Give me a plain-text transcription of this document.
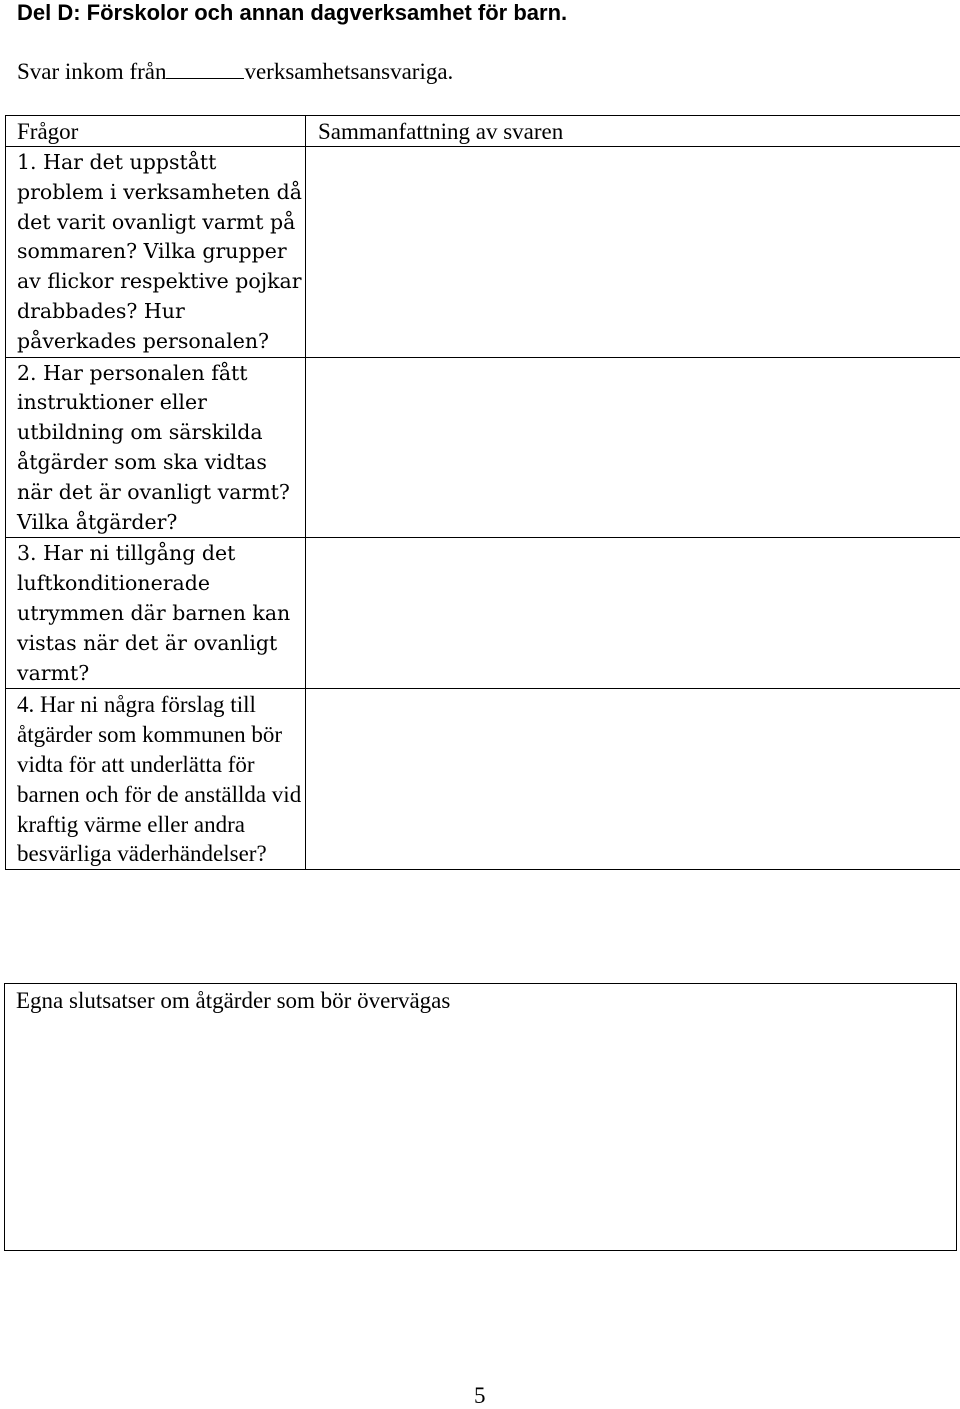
Del D: Förskolor och annan dagverksamhet för barn.
Svar inkom från	verksamhetsansvariga.
Frågor	Sammanfattning av svaren
1. Har det uppstått problem i verksamheten då det varit ovanligt varmt på sommaren? Vilka grupper av flickor respektive pojkar drabbades? Hur påverkades personalen?	
2. Har personalen fått instruktioner eller utbildning om särskilda åtgärder som ska vidtas när det är ovanligt varmt? Vilka åtgärder?	
3. Har ni tillgång det luftkonditionerade utrymmen där barnen kan vistas när det är ovanligt varmt?	
4. Har ni några förslag till åtgärder som kommunen bör vidta för att underlätta för barnen och för de anställda vid kraftig värme eller andra besvärliga väderhändelser?	
Egna slutsatser om åtgärder som bör övervägas
5
